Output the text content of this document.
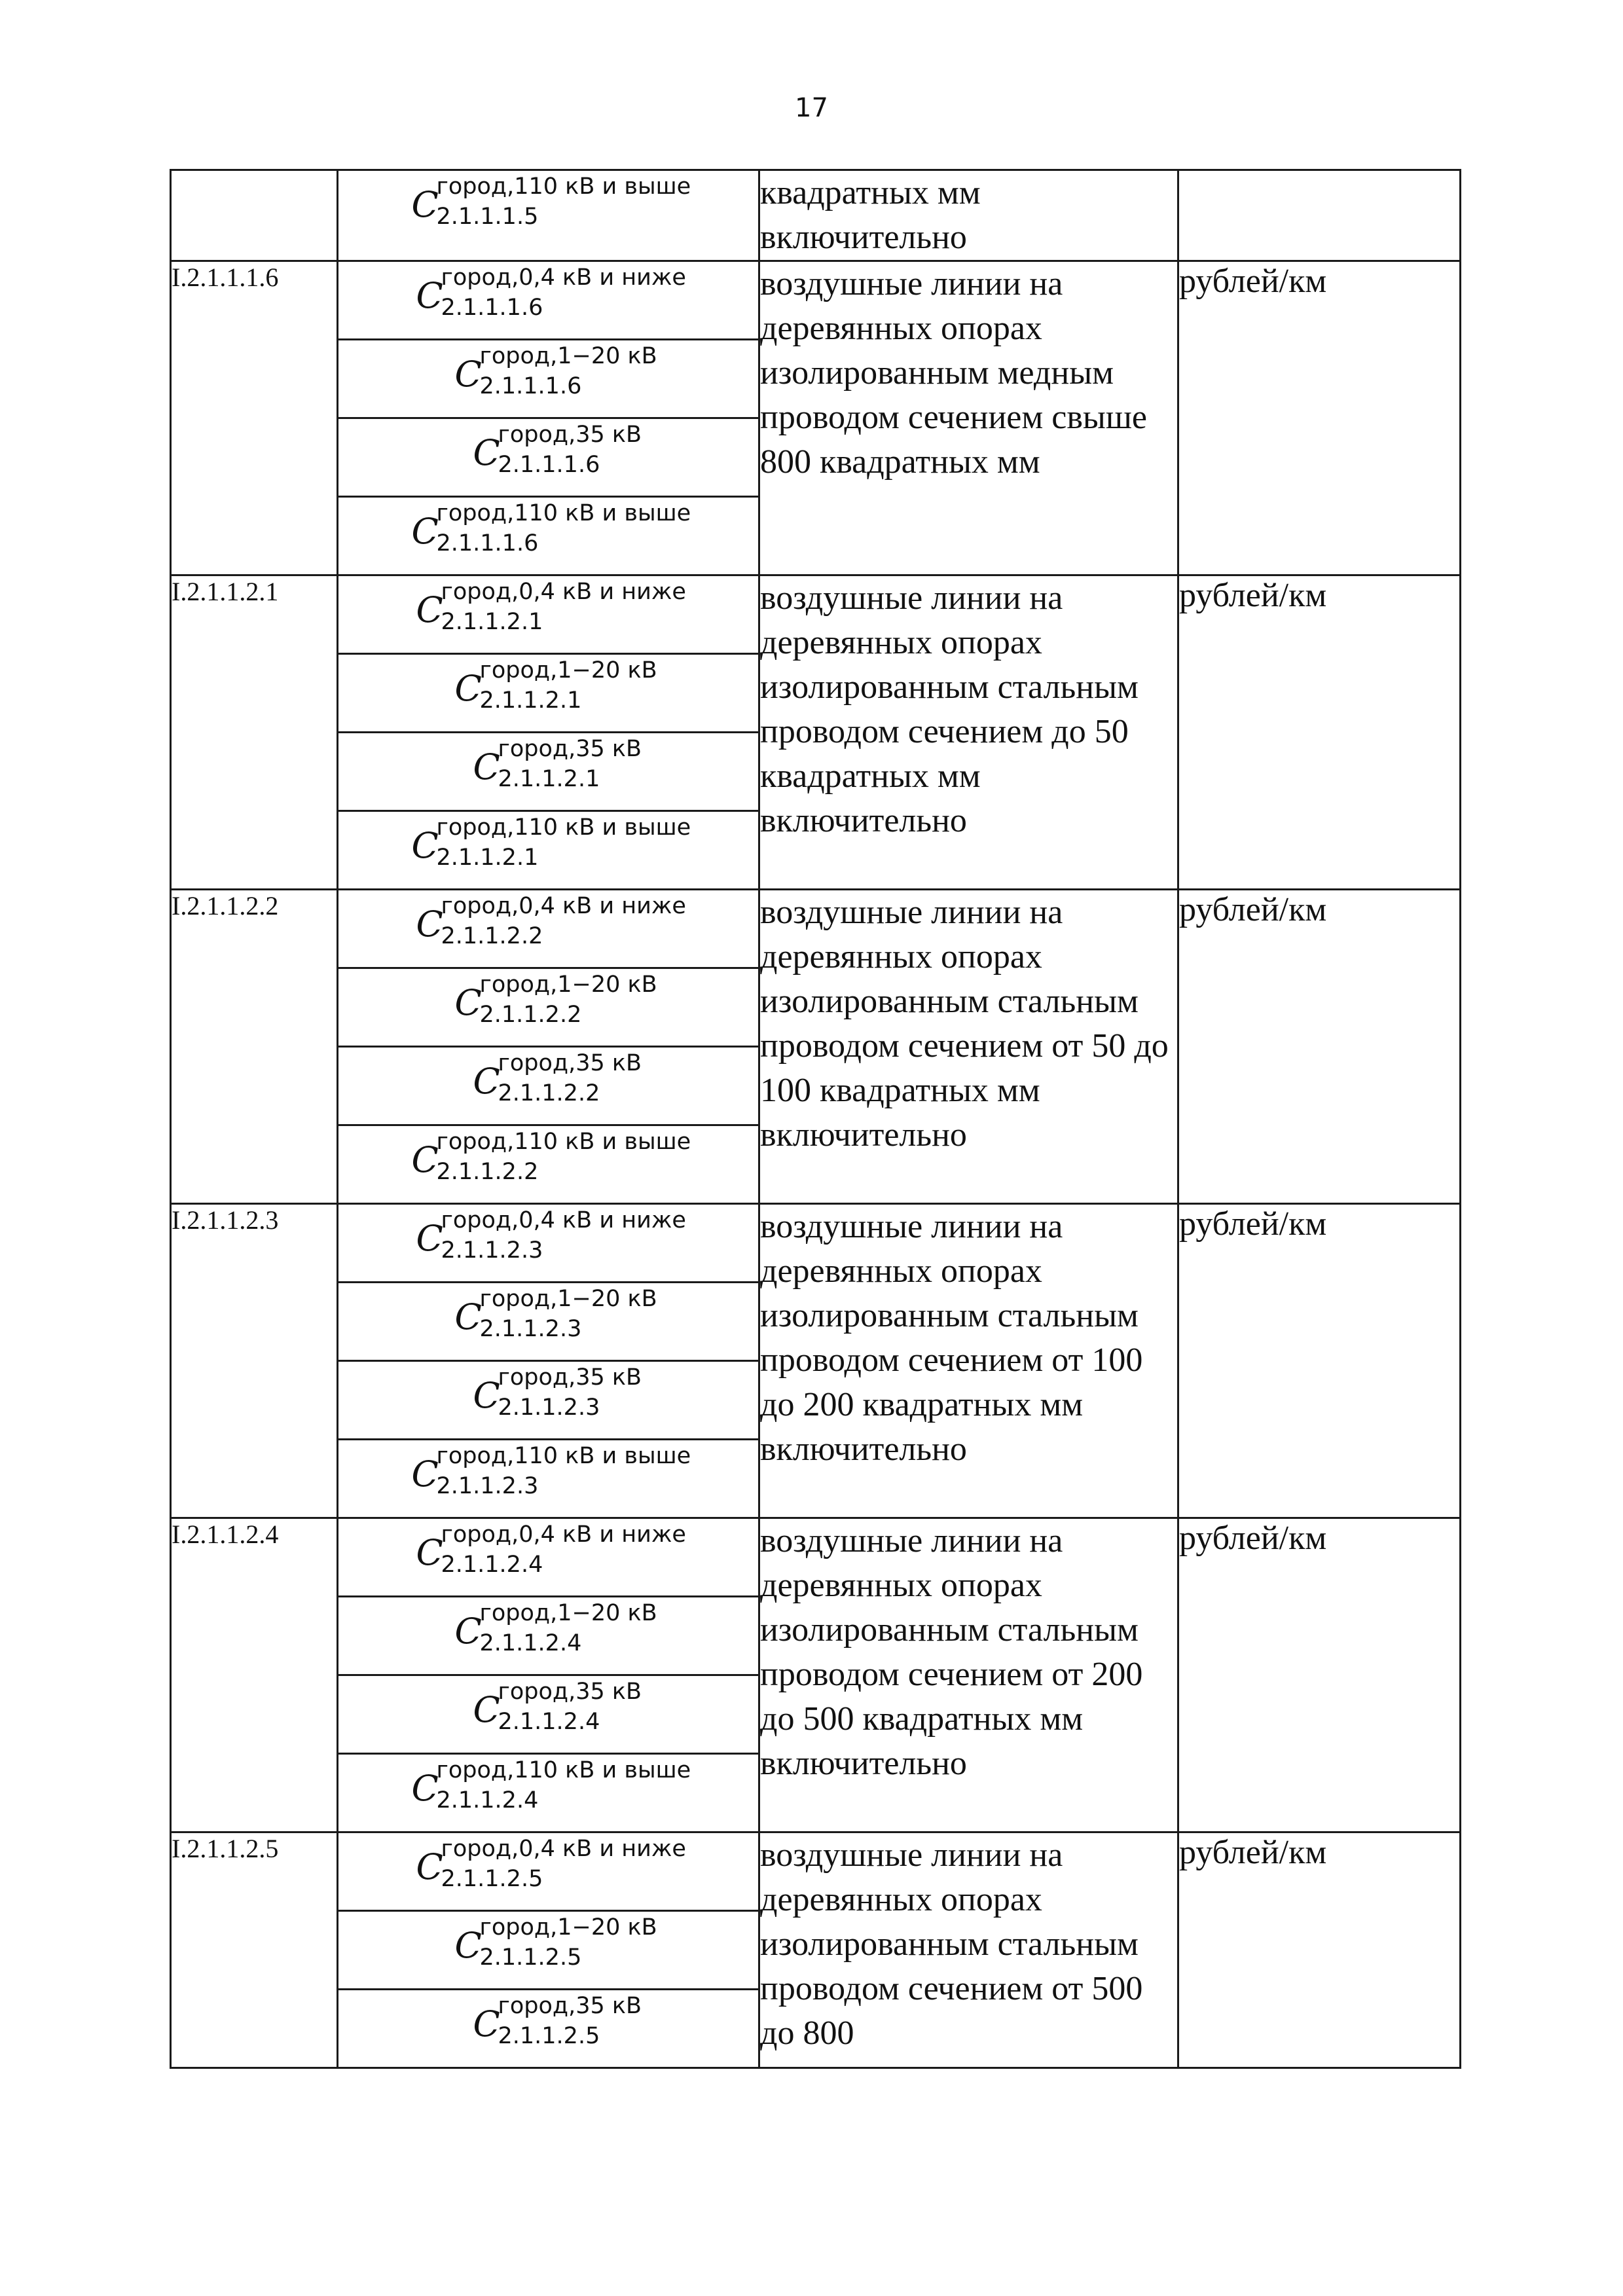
17

	C
город,110 кВ и выше
2.1.1.1.5	квадратных мм включительно	
I.2.1.1.1.6	C
город,0,4 кВ и ниже
2.1.1.1.6	воздушные линии на деревянных опорах изолированным медным проводом сечением свыше 800 квадратных мм	рублей/км

	C
город,1−20 кВ
2.1.1.1.6		

	C
город,35 кВ
2.1.1.1.6		

	C
город,110 кВ и выше
2.1.1.1.6		

I.2.1.1.2.1	C
город,0,4 кВ и ниже
2.1.1.2.1	воздушные линии на деревянных опорах изолированным стальным проводом сечением до 50 квадратных мм включительно	рублей/км

	C
город,1−20 кВ
2.1.1.2.1		

	C
город,35 кВ
2.1.1.2.1		

	C
город,110 кВ и выше
2.1.1.2.1		

I.2.1.1.2.2	C
город,0,4 кВ и ниже
2.1.1.2.2	воздушные линии на деревянных опорах изолированным стальным проводом сечением от 50 до 100 квадратных мм включительно	рублей/км

	C
город,1−20 кВ
2.1.1.2.2		

	C
город,35 кВ
2.1.1.2.2		

	C
город,110 кВ и выше
2.1.1.2.2		

I.2.1.1.2.3	C
город,0,4 кВ и ниже
2.1.1.2.3	воздушные линии на деревянных опорах изолированным стальным проводом сечением от 100 до 200 квадратных мм включительно	рублей/км

	C
город,1−20 кВ
2.1.1.2.3		

	C
город,35 кВ
2.1.1.2.3		

	C
город,110 кВ и выше
2.1.1.2.3		

I.2.1.1.2.4	C
город,0,4 кВ и ниже
2.1.1.2.4	воздушные линии на деревянных опорах изолированным стальным проводом сечением от 200 до 500 квадратных мм включительно	рублей/км

	C
город,1−20 кВ
2.1.1.2.4		

	C
город,35 кВ
2.1.1.2.4		

	C
город,110 кВ и выше
2.1.1.2.4		

I.2.1.1.2.5	C
город,0,4 кВ и ниже
2.1.1.2.5	воздушные линии на деревянных опорах изолированным стальным проводом сечением от 500 до 800	рублей/км

	C
город,1−20 кВ
2.1.1.2.5		

	C
город,35 кВ
2.1.1.2.5		
